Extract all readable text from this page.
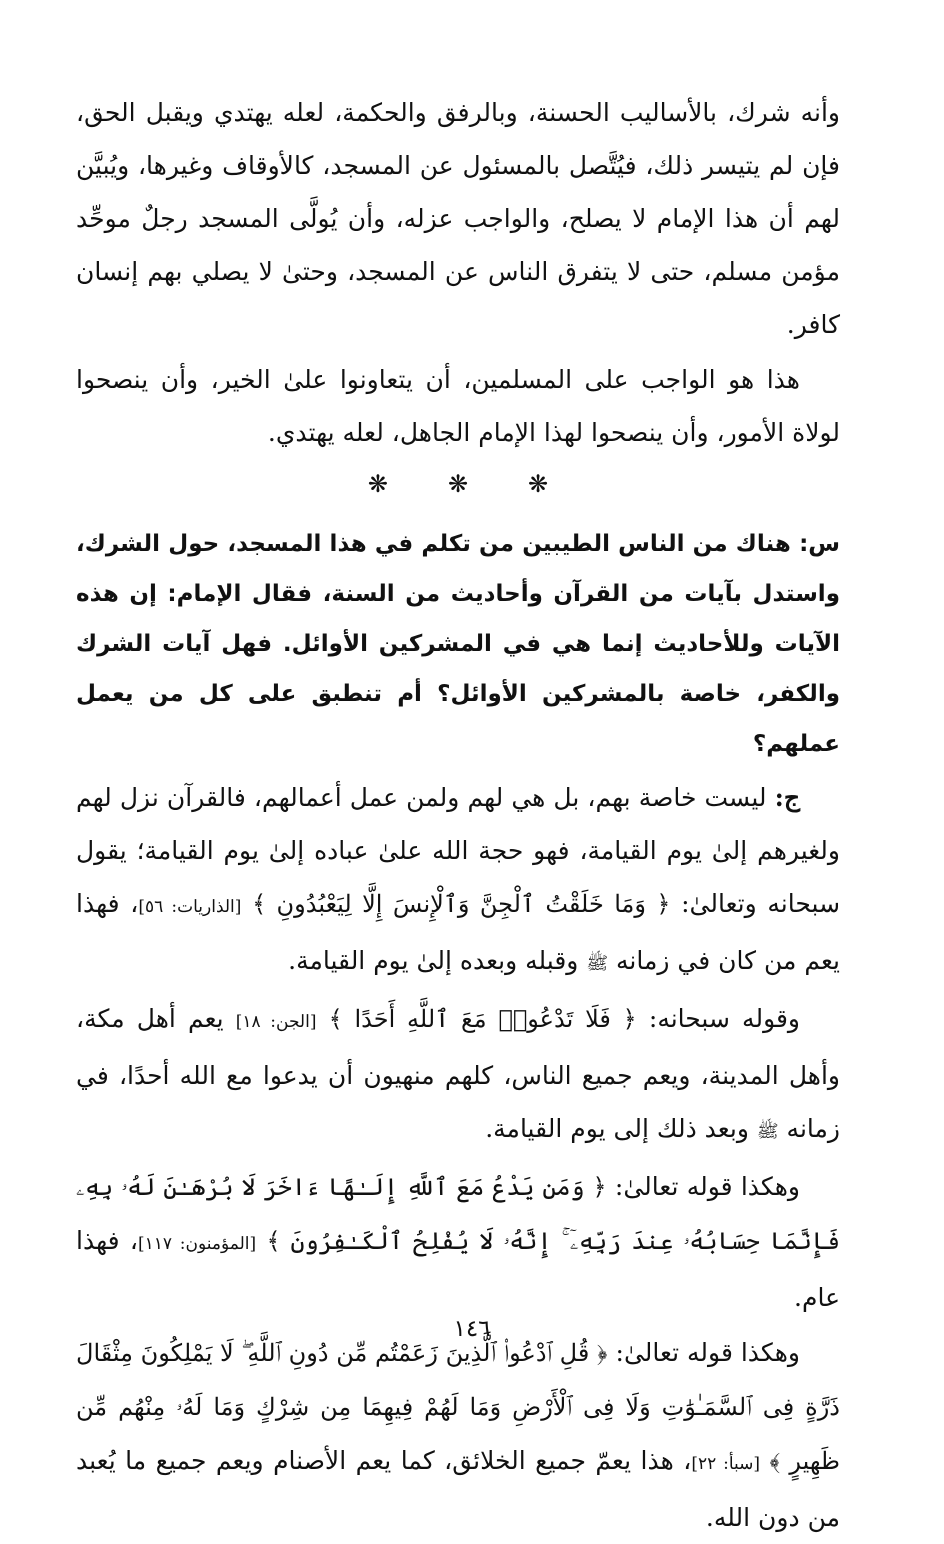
وأنه شرك، بالأساليب الحسنة، وبالرفق والحكمة، لعله يهتدي ويقبل الحق، فإن لم يتيسر ذلك، فيُتَّصل بالمسئول عن المسجد، كالأوقاف وغيرها، ويُبيَّن لهم أن هذا الإمام لا يصلح، والواجب عزله، وأن يُولَّى المسجد رجلٌ موحِّد مؤمن مسلم، حتى لا يتفرق الناس عن المسجد، وحتىٰ لا يصلي بهم إنسان كافر.

هذا هو الواجب على المسلمين، أن يتعاونوا علىٰ الخير، وأن ينصحوا لولاة الأمور، وأن ينصحوا لهذا الإمام الجاهل، لعله يهتدي.

❋	❋	❋

س: هناك من الناس الطيبين من تكلم في هذا المسجد، حول الشرك، واستدل بآيات من القرآن وأحاديث من السنة، فقال الإمام: إن هذه الآيات وللأحاديث إنما هي في المشركين الأوائل. فهل آيات الشرك والكفر، خاصة بالمشركين الأوائل؟ أم تنطبق على كل من يعمل عملهم؟

ج: ليست خاصة بهم، بل هي لهم ولمن عمل أعمالهم، فالقرآن نزل لهم ولغيرهم إلىٰ يوم القيامة، فهو حجة الله علىٰ عباده إلىٰ يوم القيامة؛ يقول سبحانه وتعالىٰ: ﴿ وَمَا خَلَقْتُ ٱلْجِنَّ وَٱلْإِنسَ إِلَّا لِيَعْبُدُونِ ﴾ [الذاريات: ٥٦]، فهذا يعم من كان في زمانه ﷺ وقبله وبعده إلىٰ يوم القيامة.

وقوله سبحانه: ﴿ فَلَا تَدْعُوا۟ مَعَ ٱللَّهِ أَحَدًا ﴾ [الجن: ١٨] يعم أهل مكة، وأهل المدينة، ويعم جميع الناس، كلهم منهيون أن يدعوا مع الله أحدًا، في زمانه ﷺ وبعد ذلك إلى يوم القيامة.

وهكذا قوله تعالىٰ: ﴿ وَمَن يَدْعُ مَعَ ٱللَّهِ إِلَـٰهًا ءَاخَرَ لَا بُرْهَـٰنَ لَهُۥ بِهِۦ فَإِنَّمَا حِسَابُهُۥ عِندَ رَبِّهِۦٓ ۚ إِنَّهُۥ لَا يُفْلِحُ ٱلْكَـٰفِرُونَ ﴾ [المؤمنون: ١١٧]، فهذا عام.

وهكذا قوله تعالىٰ: ﴿ قُلِ ٱدْعُوا۟ ٱلَّذِينَ زَعَمْتُم مِّن دُونِ ٱللَّهِ ۖ لَا يَمْلِكُونَ مِثْقَالَ ذَرَّةٍ فِى ٱلسَّمَـٰوَٰتِ وَلَا فِى ٱلْأَرْضِ وَمَا لَهُمْ فِيهِمَا مِن شِرْكٍ وَمَا لَهُۥ مِنْهُم مِّن ظَهِيرٍ ﴾ [سبأ: ٢٢]، هذا يعمّ جميع الخلائق، كما يعم الأصنام ويعم جميع ما يُعبد من دون الله.

١٤٦
